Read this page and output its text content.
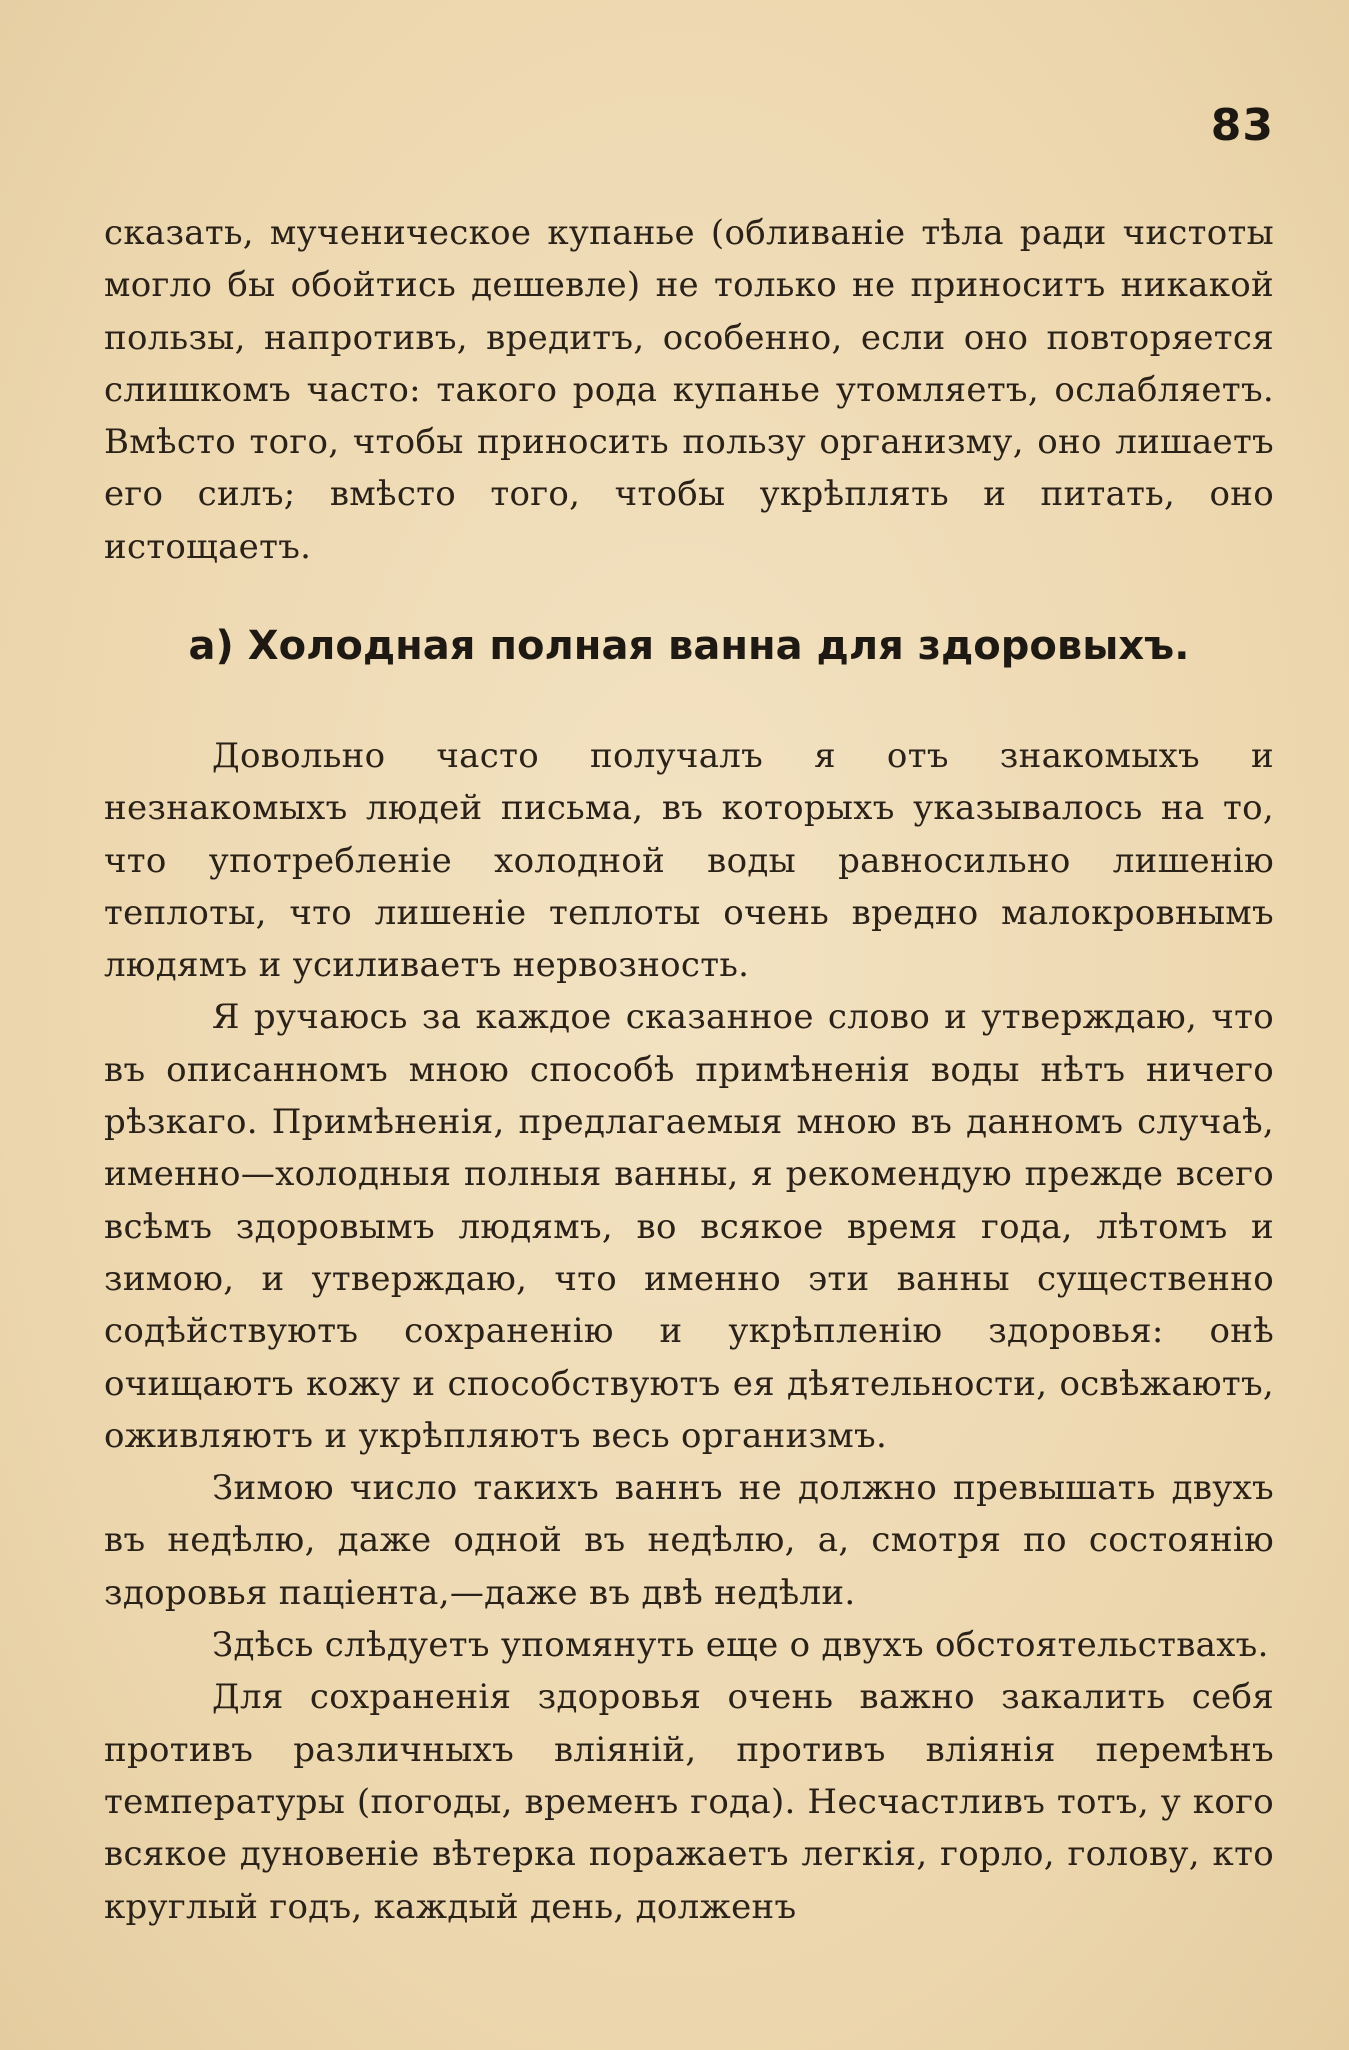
83

сказать, мученическое купанье (обливанiе тѣла ради чистоты могло бы обойтись дешевле) не только не приноситъ никакой пользы, напротивъ, вредитъ, особенно, если оно повторяется слишкомъ часто: такого рода купанье утомляетъ, ослабляетъ. Вмѣсто того, чтобы приносить пользу организму, оно лишаетъ его силъ; вмѣсто того, чтобы укрѣплять и питать, оно истощаетъ.

а) Холодная полная ванна для здоровыхъ.

Довольно часто получалъ я отъ знакомыхъ и незнакомыхъ людей письма, въ которыхъ указывалось на то, что употребленiе холодной воды равносильно лишенiю теплоты, что лишенiе теплоты очень вредно малокровнымъ людямъ и усиливаетъ нервозность.

Я ручаюсь за каждое сказанное слово и утверждаю, что въ описанномъ мною способѣ примѣненiя воды нѣтъ ничего рѣзкаго. Примѣненiя, предлагаемыя мною въ данномъ случаѣ, именно—холодныя полныя ванны, я рекомендую прежде всего всѣмъ здоровымъ людямъ, во всякое время года, лѣтомъ и зимою, и утверждаю, что именно эти ванны существенно содѣйствуютъ сохраненiю и укрѣпленiю здоровья: онѣ очищаютъ кожу и способствуютъ ея дѣятельности, освѣжаютъ, оживляютъ и укрѣпляютъ весь организмъ.

Зимою число такихъ ваннъ не должно превышать двухъ въ недѣлю, даже одной въ недѣлю, а, смотря по состоянiю здоровья пацiента,—даже въ двѣ недѣли.

Здѣсь слѣдуетъ упомянуть еще о двухъ обстоятельствахъ.

Для сохраненiя здоровья очень важно закалить себя противъ различныхъ влiянiй, противъ влiянiя перемѣнъ температуры (погоды, временъ года). Несчастливъ тотъ, у кого всякое дуновенiе вѣтерка поражаетъ легкiя, горло, голову, кто круглый годъ, каждый день, долженъ
